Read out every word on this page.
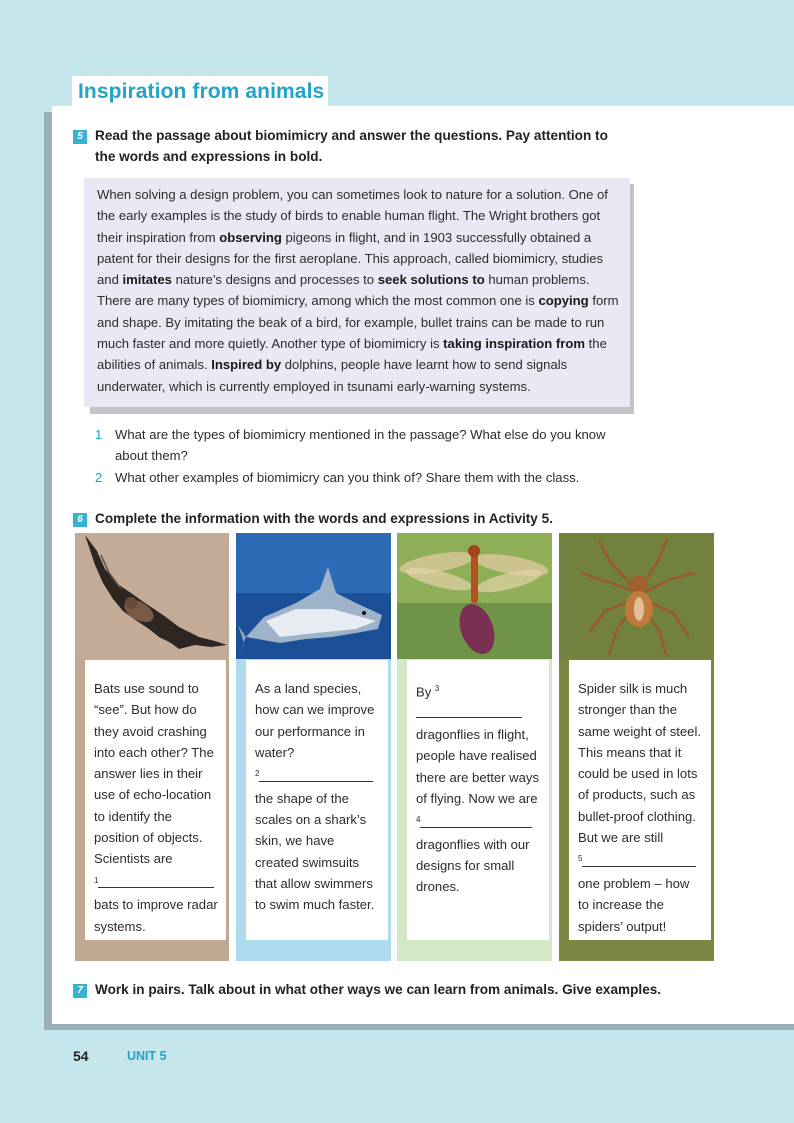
Inspiration from animals
5 Read the passage about biomimicry and answer the questions. Pay attention to
the words and expressions in bold.
When solving a design problem, you can sometimes look to nature for a solution. One of the early examples is the study of birds to enable human flight. The Wright brothers got their inspiration from observing pigeons in flight, and in 1903 successfully obtained a patent for their designs for the first aeroplane. This approach, called biomimicry, studies and imitates nature’s designs and processes to seek solutions to human problems. There are many types of biomimicry, among which the most common one is copying form and shape. By imitating the beak of a bird, for example, bullet trains can be made to run much faster and more quietly. Another type of biomimicry is taking inspiration from the abilities of animals. Inspired by dolphins, people have learnt how to send signals underwater, which is currently employed in tsunami early-warning systems.
1 What are the types of biomimicry mentioned in the passage? What else do you know about them?
2 What other examples of biomimicry can you think of? Share them with the class.
6 Complete the information with the words and expressions in Activity 5.
Bats use sound to “see”. But how do they avoid crashing into each other? The answer lies in their use of echo-location to identify the position of objects. Scientists are
$^1$
bats to improve radar systems.
As a land species, how can we improve our performance in water?
$^2$
the shape of the scales on a shark’s skin, we have created swimsuits that allow swimmers to swim much faster.
By $^3$ dragonflies in flight, people have realised there are better ways of flying. Now we are
$^4$
dragonflies with our designs for small drones.
Spider silk is much stronger than the same weight of steel. This means that it could be used in lots of products, such as bullet-proof clothing. But we are still
$^5$
one problem – how to increase the spiders’ output!
7 Work in pairs. Talk about in what other ways we can learn from animals. Give examples.
54	UNIT 5
